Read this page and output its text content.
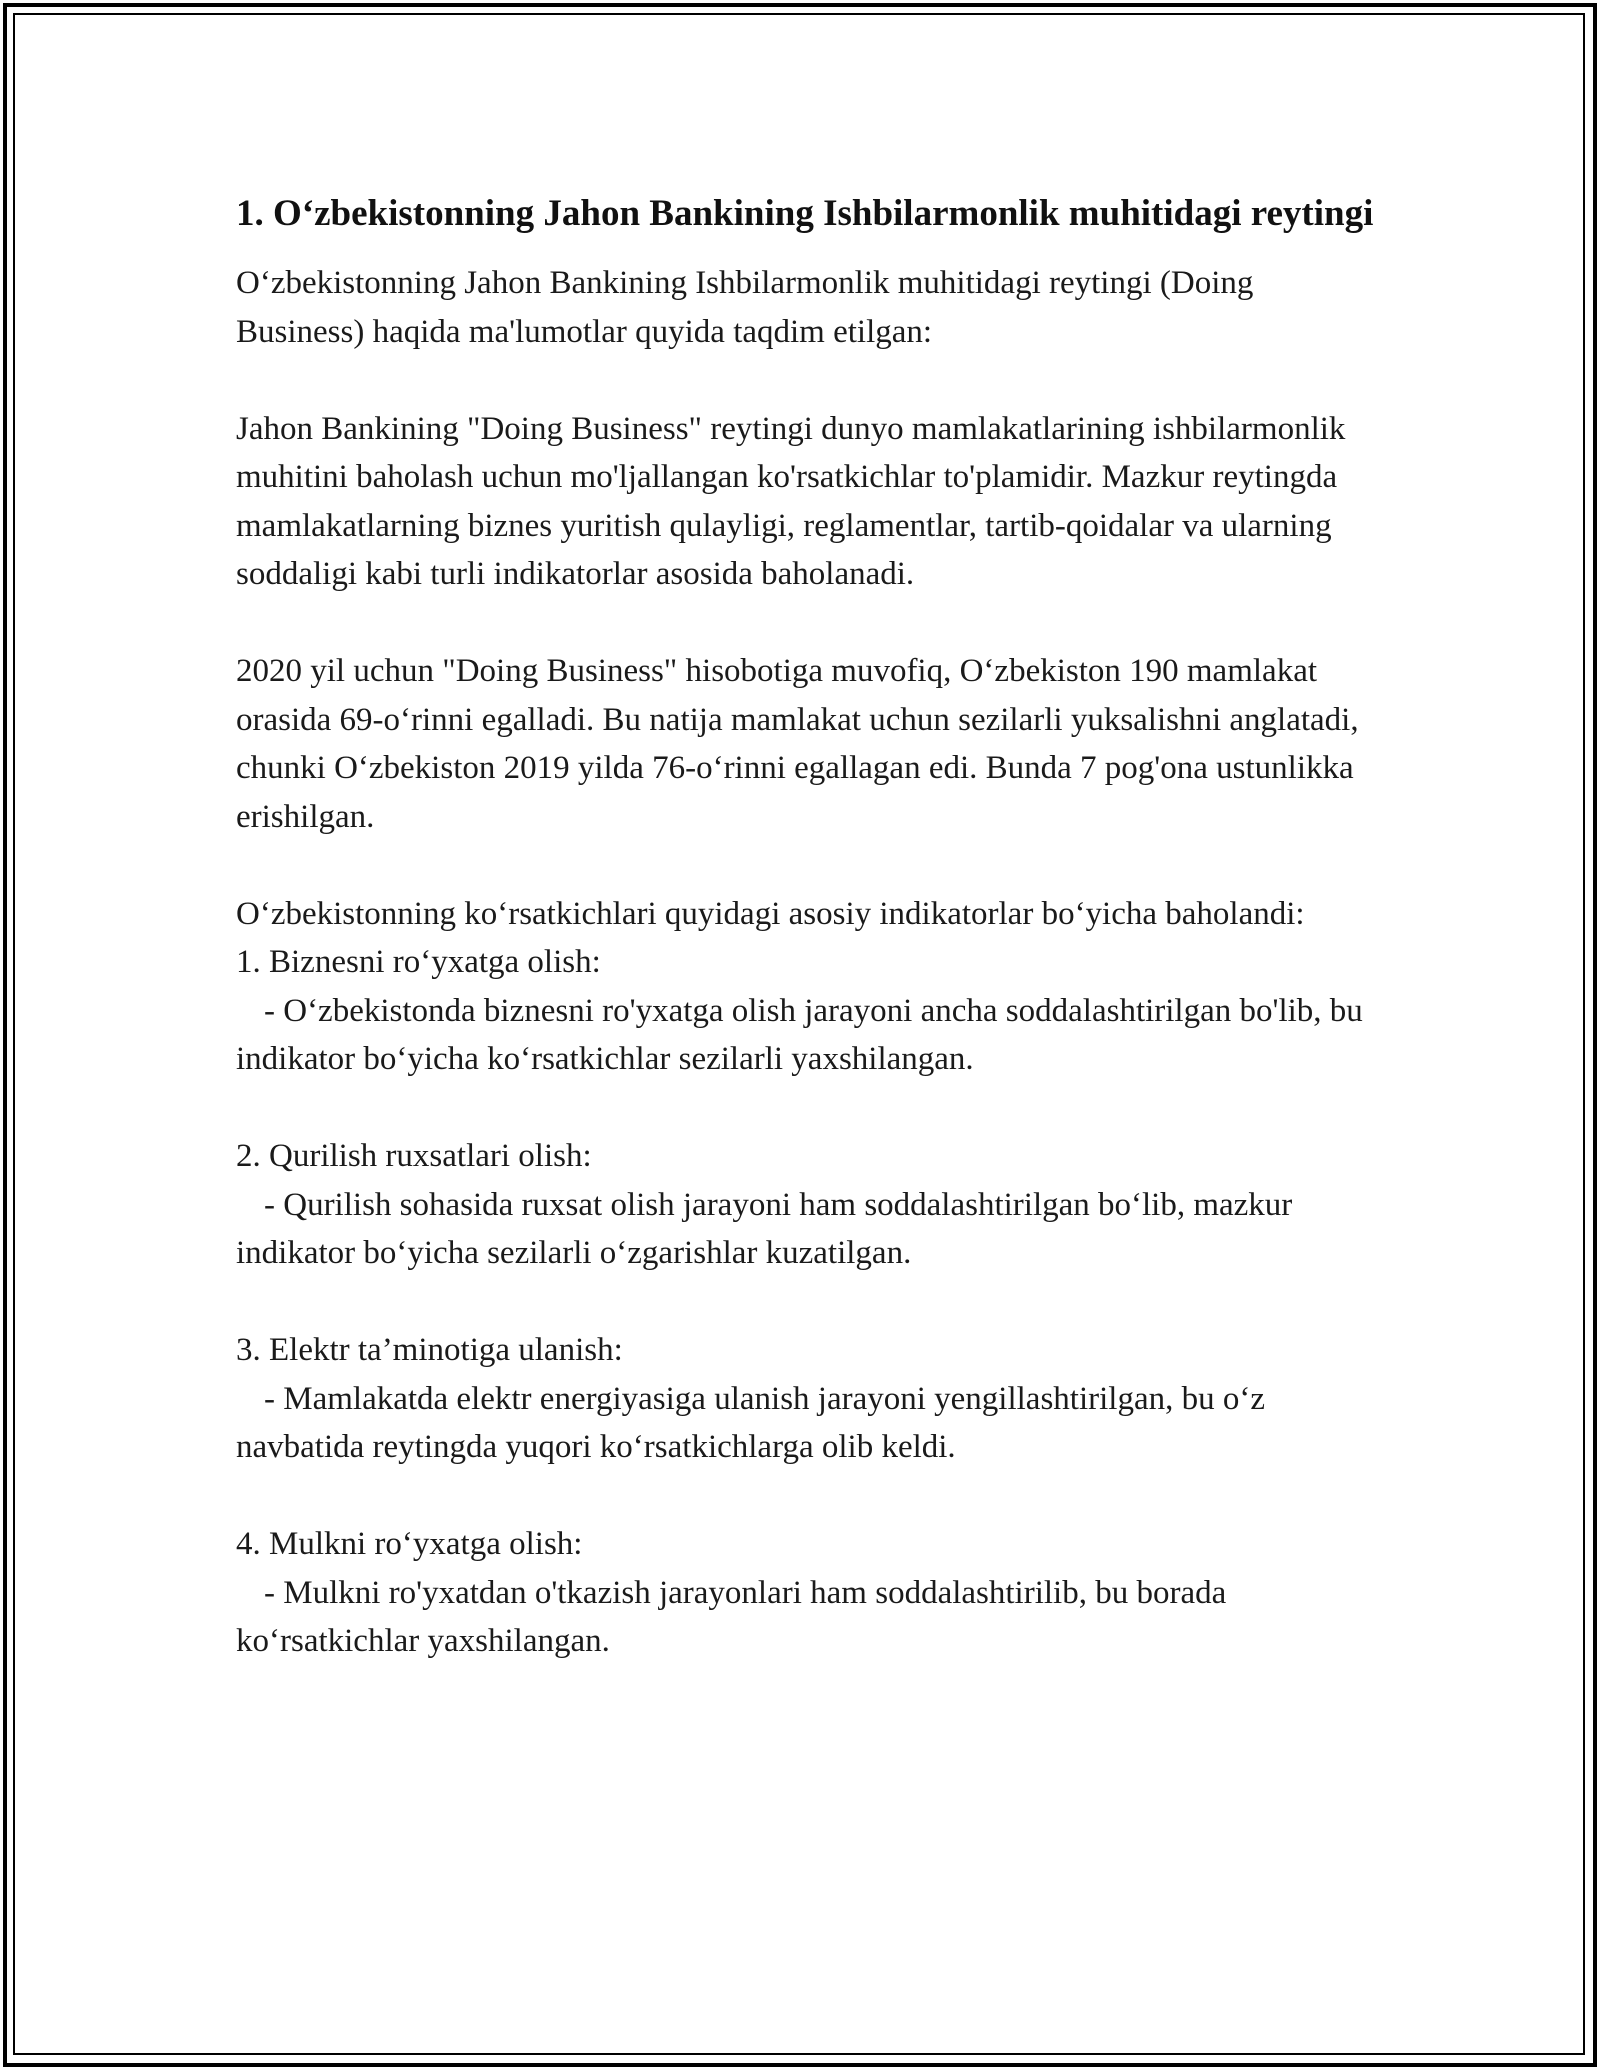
1. Oʻzbekistonning Jahon Bankining Ishbilarmonlik muhitidagi reytingi

Oʻzbekistonning Jahon Bankining Ishbilarmonlik muhitidagi reytingi (Doing Business) haqida ma'lumotlar quyida taqdim etilgan:

Jahon Bankining "Doing Business" reytingi dunyo mamlakatlarining ishbilarmonlik muhitini baholash uchun mo'ljallangan ko'rsatkichlar to'plamidir. Mazkur reytingda mamlakatlarning biznes yuritish qulayligi, reglamentlar, tartib-qoidalar va ularning soddaligi kabi turli indikatorlar asosida baholanadi.

2020 yil uchun "Doing Business" hisobotiga muvofiq, Oʻzbekiston 190 mamlakat orasida 69-oʻrinni egalladi. Bu natija mamlakat uchun sezilarli yuksalishni anglatadi, chunki Oʻzbekiston 2019 yilda 76-oʻrinni egallagan edi. Bunda 7 pog'ona ustunlikka erishilgan.

Oʻzbekistonning koʻrsatkichlari quyidagi asosiy indikatorlar boʻyicha baholandi:

1. Biznesni roʻyxatga olish:

- Oʻzbekistonda biznesni ro'yxatga olish jarayoni ancha soddalashtirilgan bo'lib, bu indikator boʻyicha koʻrsatkichlar sezilarli yaxshilangan.

2. Qurilish ruxsatlari olish:

- Qurilish sohasida ruxsat olish jarayoni ham soddalashtirilgan boʻlib, mazkur indikator boʻyicha sezilarli oʻzgarishlar kuzatilgan.

3. Elektr ta’minotiga ulanish:

- Mamlakatda elektr energiyasiga ulanish jarayoni yengillashtirilgan, bu oʻz navbatida reytingda yuqori koʻrsatkichlarga olib keldi.

4. Mulkni roʻyxatga olish:

- Mulkni ro'yxatdan o'tkazish jarayonlari ham soddalashtirilib, bu borada koʻrsatkichlar yaxshilangan.
